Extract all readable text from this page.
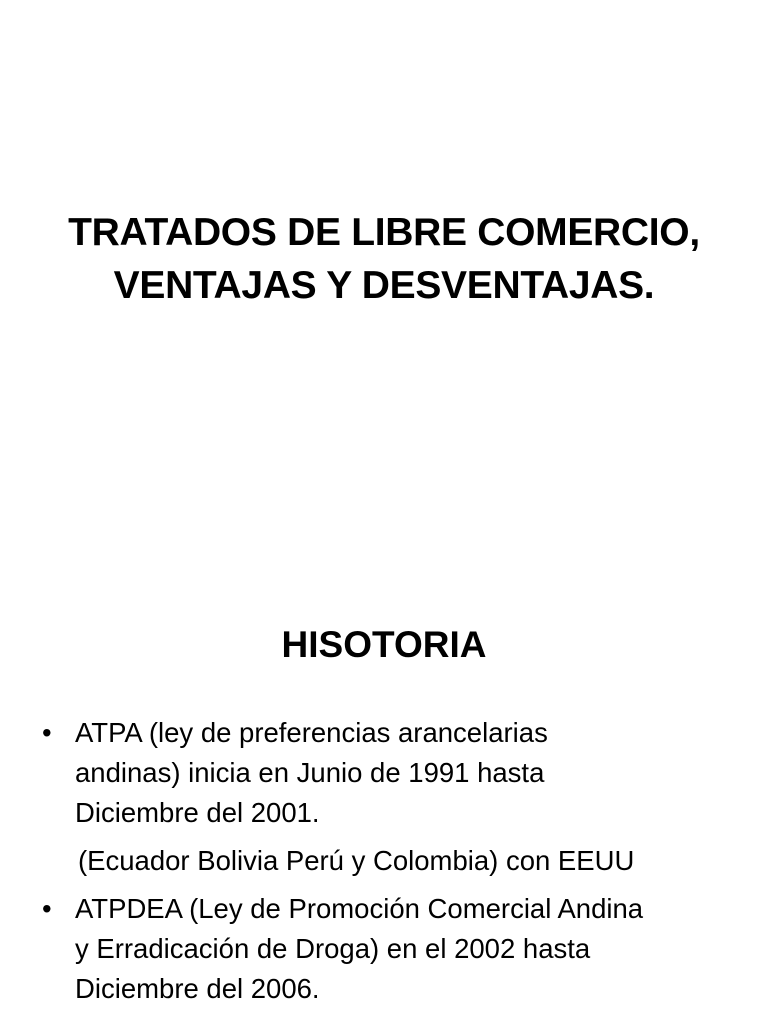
TRATADOS DE LIBRE COMERCIO,
VENTAJAS Y DESVENTAJAS.
HISOTORIA
• ATPA (ley de preferencias arancelarias
andinas) inicia en Junio de 1991 hasta
Diciembre del 2001.
(Ecuador Bolivia Perú y Colombia) con EEUU
• ATPDEA (Ley de Promoción Comercial Andina
y Erradicación de Droga) en el 2002 hasta
Diciembre del 2006.
